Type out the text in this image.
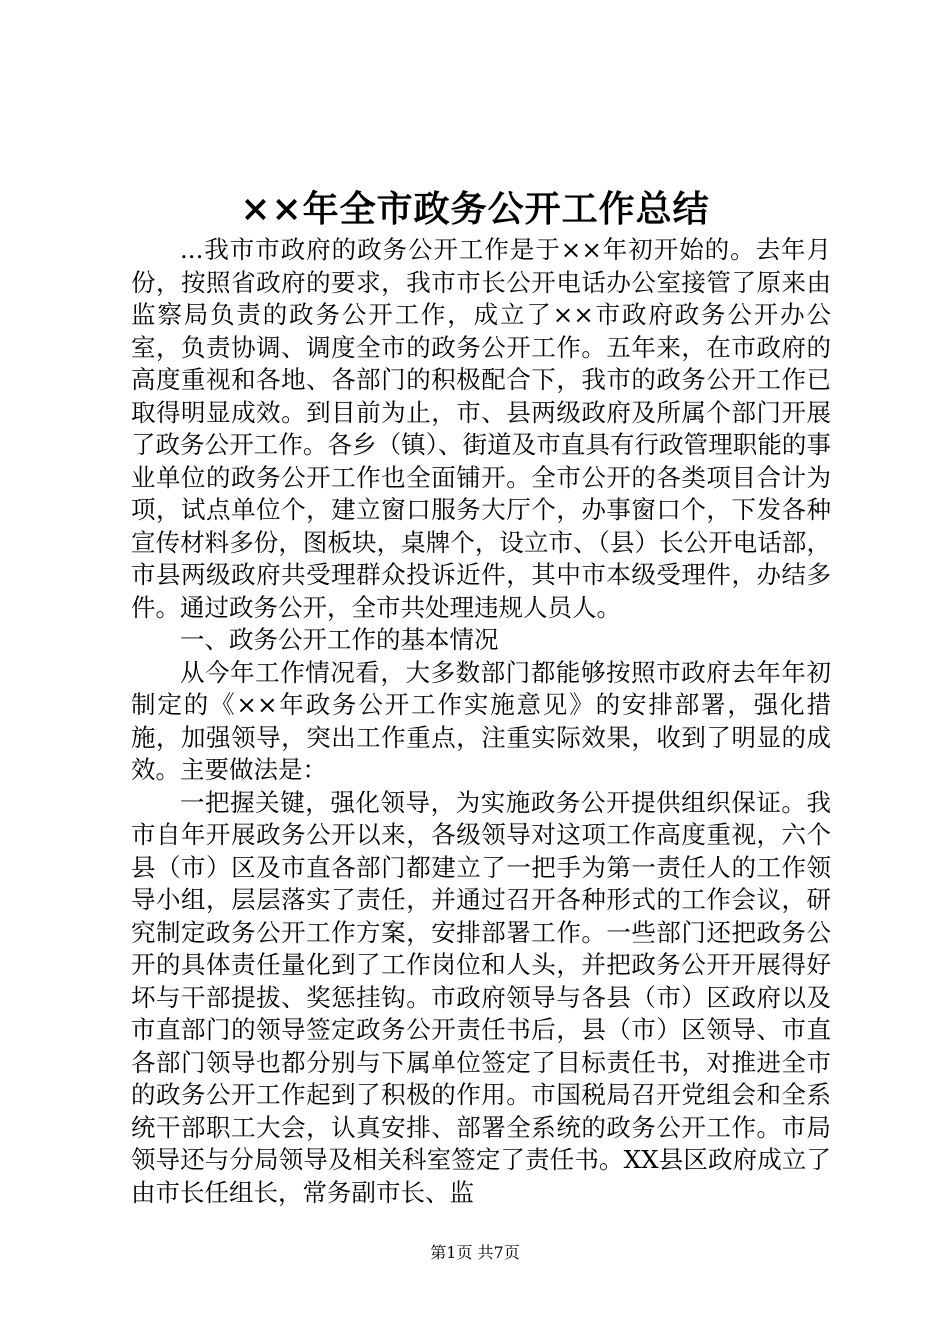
××年全市政务公开工作总结

...我市市政府的政务公开工作是于××年初开始的。去年月份，按照省政府的要求，我市市长公开电话办公室接管了原来由监察局负责的政务公开工作，成立了××市政府政务公开办公室，负责协调、调度全市的政务公开工作。五年来，在市政府的高度重视和各地、各部门的积极配合下，我市的政务公开工作已取得明显成效。到目前为止，市、县两级政府及所属个部门开展了政务公开工作。各乡（镇）、街道及市直具有行政管理职能的事业单位的政务公开工作也全面铺开。全市公开的各类项目合计为项，试点单位个，建立窗口服务大厅个，办事窗口个，下发各种宣传材料多份，图板块，桌牌个，设立市、（县）长公开电话部，市县两级政府共受理群众投诉近件，其中市本级受理件，办结多件。通过政务公开，全市共处理违规人员人。

一、政务公开工作的基本情况

从今年工作情况看，大多数部门都能够按照市政府去年年初制定的《××年政务公开工作实施意见》的安排部署，强化措施，加强领导，突出工作重点，注重实际效果，收到了明显的成效。主要做法是：

一把握关键，强化领导，为实施政务公开提供组织保证。我市自年开展政务公开以来，各级领导对这项工作高度重视，六个县（市）区及市直各部门都建立了一把手为第一责任人的工作领导小组，层层落实了责任，并通过召开各种形式的工作会议，研究制定政务公开工作方案，安排部署工作。一些部门还把政务公开的具体责任量化到了工作岗位和人头，并把政务公开开展得好坏与干部提拔、奖惩挂钩。市政府领导与各县（市）区政府以及市直部门的领导签定政务公开责任书后，县（市）区领导、市直各部门领导也都分别与下属单位签定了目标责任书，对推进全市的政务公开工作起到了积极的作用。市国税局召开党组会和全系统干部职工大会，认真安排、部署全系统的政务公开工作。市局领导还与分局领导及相关科室签定了责任书。XX县区政府成立了由市长任组长，常务副市长、监

第1页 共7页
